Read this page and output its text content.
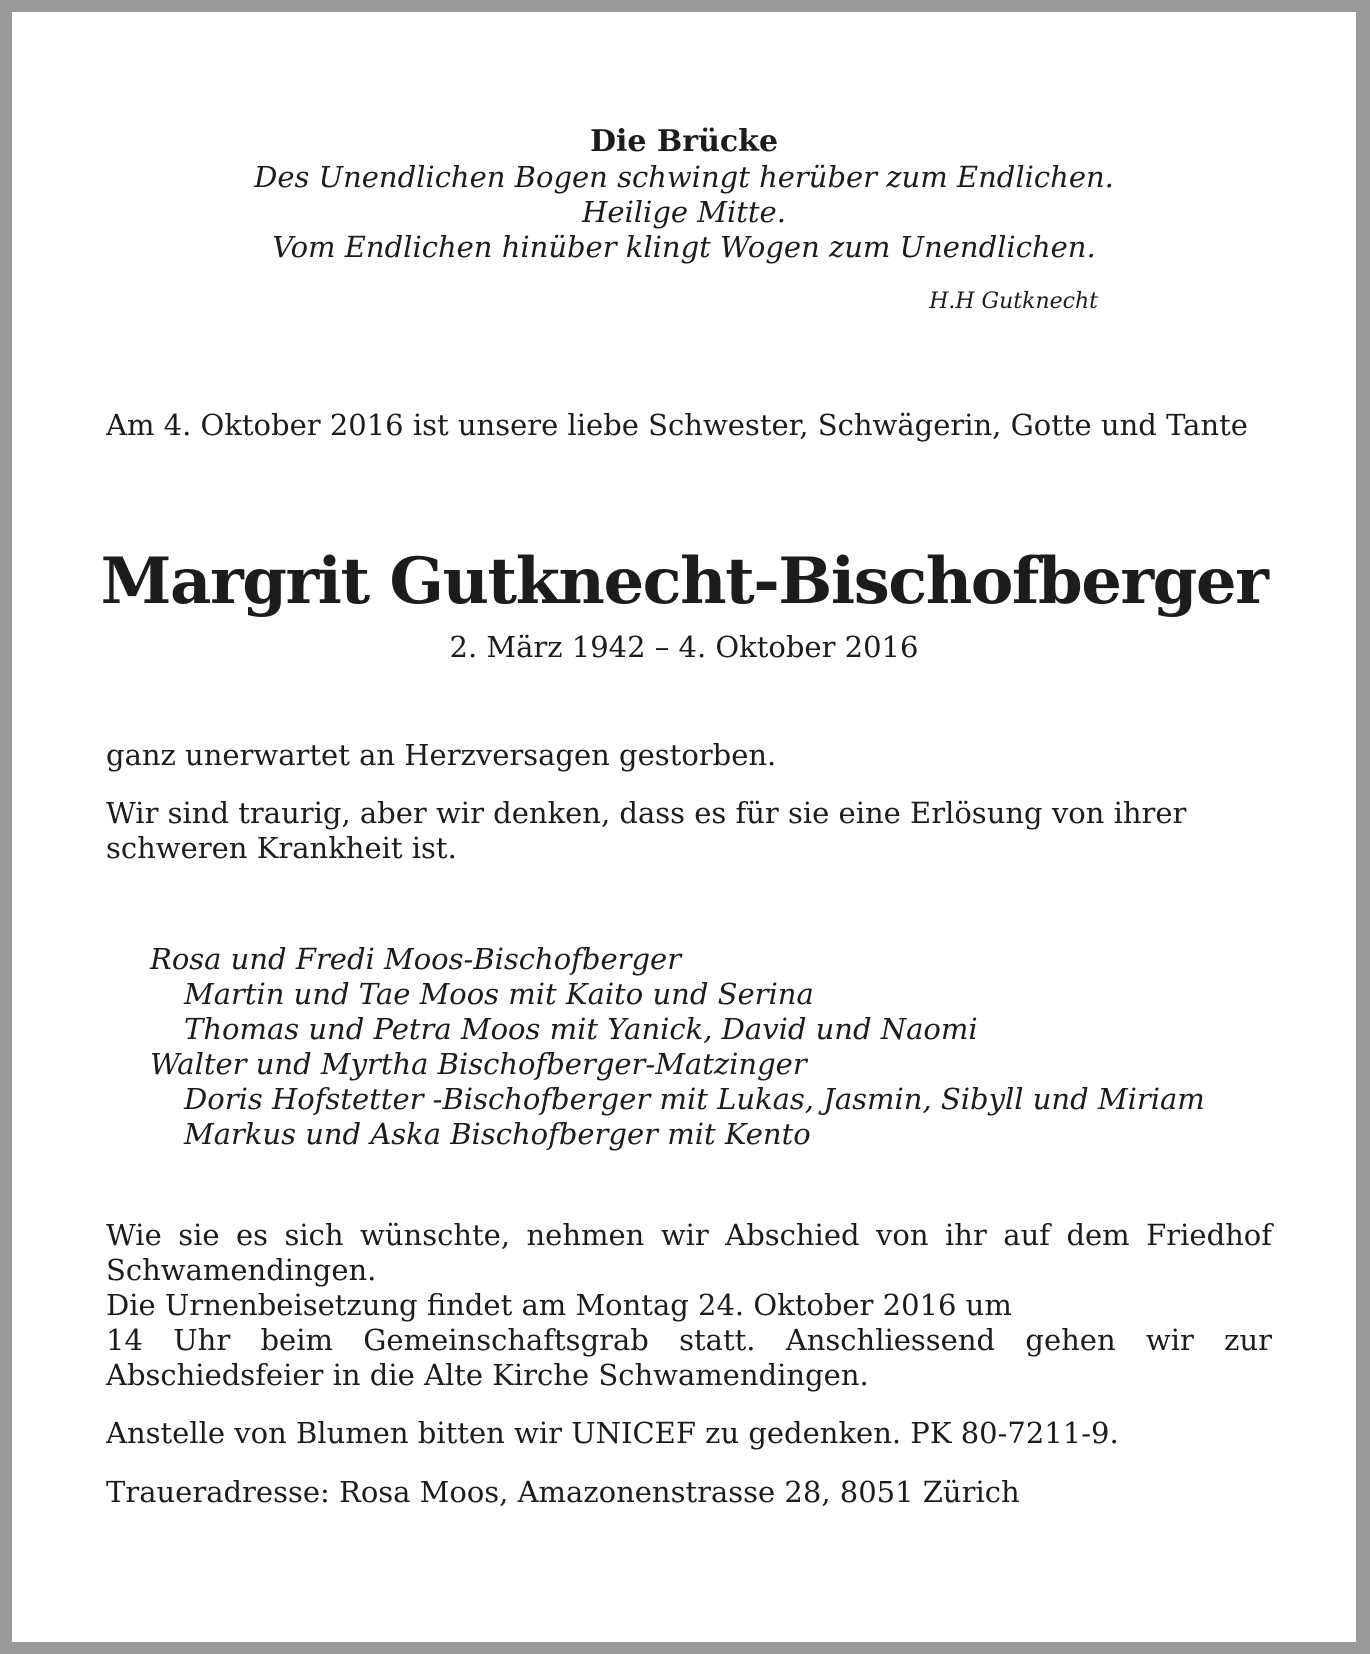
Die Brücke

Des Unendlichen Bogen schwingt herüber zum Endlichen.

Heilige Mitte.

Vom Endlichen hinüber klingt Wogen zum Unendlichen.

H.H Gutknecht

Am 4. Oktober 2016 ist unsere liebe Schwester, Schwägerin, Gotte und Tante

Margrit Gutknecht-Bischofberger
2. März 1942 – 4. Oktober 2016

ganz unerwartet an Herzversagen gestorben.

Wir sind traurig, aber wir denken, dass es für sie eine Erlösung von ihrer schweren Krankheit ist.

Rosa und Fredi Moos-Bischofberger
Martin und Tae Moos mit Kaito und Serina
Thomas und Petra Moos mit Yanick, David und Naomi
Walter und Myrtha Bischofberger-Matzinger
Doris Hofstetter -Bischofberger mit Lukas, Jasmin, Sibyll und Miriam
Markus und Aska Bischofberger mit Kento

Wie sie es sich wünschte, nehmen wir Abschied von ihr auf dem Friedhof Schwamendingen.

Die Urnenbeisetzung findet am Montag 24. Oktober 2016 um

14 Uhr beim Gemeinschaftsgrab statt. Anschliessend gehen wir zur Abschiedsfeier in die Alte Kirche Schwamendingen.

Anstelle von Blumen bitten wir UNICEF zu gedenken. PK 80-7211-9.

Traueradresse: Rosa Moos, Amazonenstrasse 28, 8051 Zürich
